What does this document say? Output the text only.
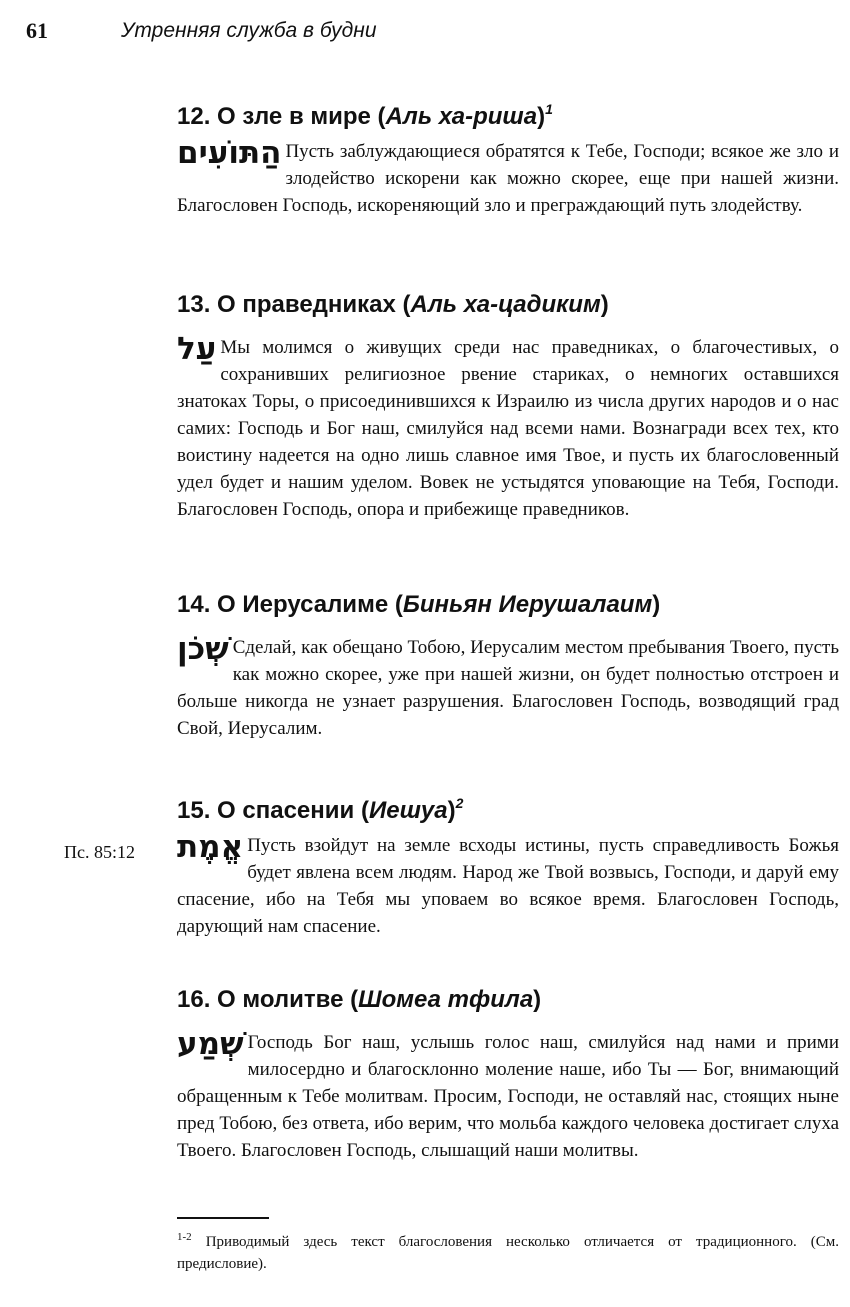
61	Утренняя служба в будни
12. О зле в мире (Аль ха-риша)$^1$
הַתּוֹעִים Пусть заблуждающиеся обратятся к Тебе, Господи; всякое же зло и злодейство искорени как можно скорее, еще при нашей жизни. Благословен Господь, искореняющий зло и преграждающий путь злодейству.
13. О праведниках (Аль ха-цадиким)
עַל Мы молимся о живущих среди нас праведниках, о благочестивых, о сохранивших религиозное рвение стариках, о немногих оставшихся знатоках Торы, о присоединившихся к Израилю из числа других народов и о нас самих: Господь и Бог наш, смилуйся над всеми нами. Вознагради всех тех, кто воистину надеется на одно лишь славное имя Твое, и пусть их благословенный удел будет и нашим уделом. Вовек не устыдятся уповающие на Тебя, Господи. Благословен Господь, опора и прибежище праведников.
14. О Иерусалиме (Биньян Иерушалаим)
שְׁכֹן Сделай, как обещано Тобою, Иерусалим местом пребывания Твоего, пусть как можно скорее, уже при нашей жизни, он будет полностью отстроен и больше никогда не узнает разрушения. Благословен Господь, возводящий град Свой, Иерусалим.
15. О спасении (Иешуа)$^2$
אֱמֶת Пусть взойдут на земле всходы истины, пусть справедливость Божья будет явлена всем людям. Народ же Твой возвысь, Господи, и даруй ему спасение, ибо на Тебя мы уповаем во всякое время. Благословен Господь, дарующий нам спасение.
Пс. 85:12
16. О молитве (Шомеа тфила)
שְׁמַע Господь Бог наш, услышь голос наш, смилуйся над нами и прими милосердно и благосклонно моление наше, ибо Ты — Бог, внимающий обращенным к Тебе молитвам. Просим, Господи, не оставляй нас, стоящих ныне пред Тобою, без ответа, ибо верим, что мольба каждого человека достигает слуха Твоего. Благословен Господь, слышащий наши молитвы.
$^{1-2}$ Приводимый здесь текст благословения несколько отличается от традиционного. (См. предисловие).
